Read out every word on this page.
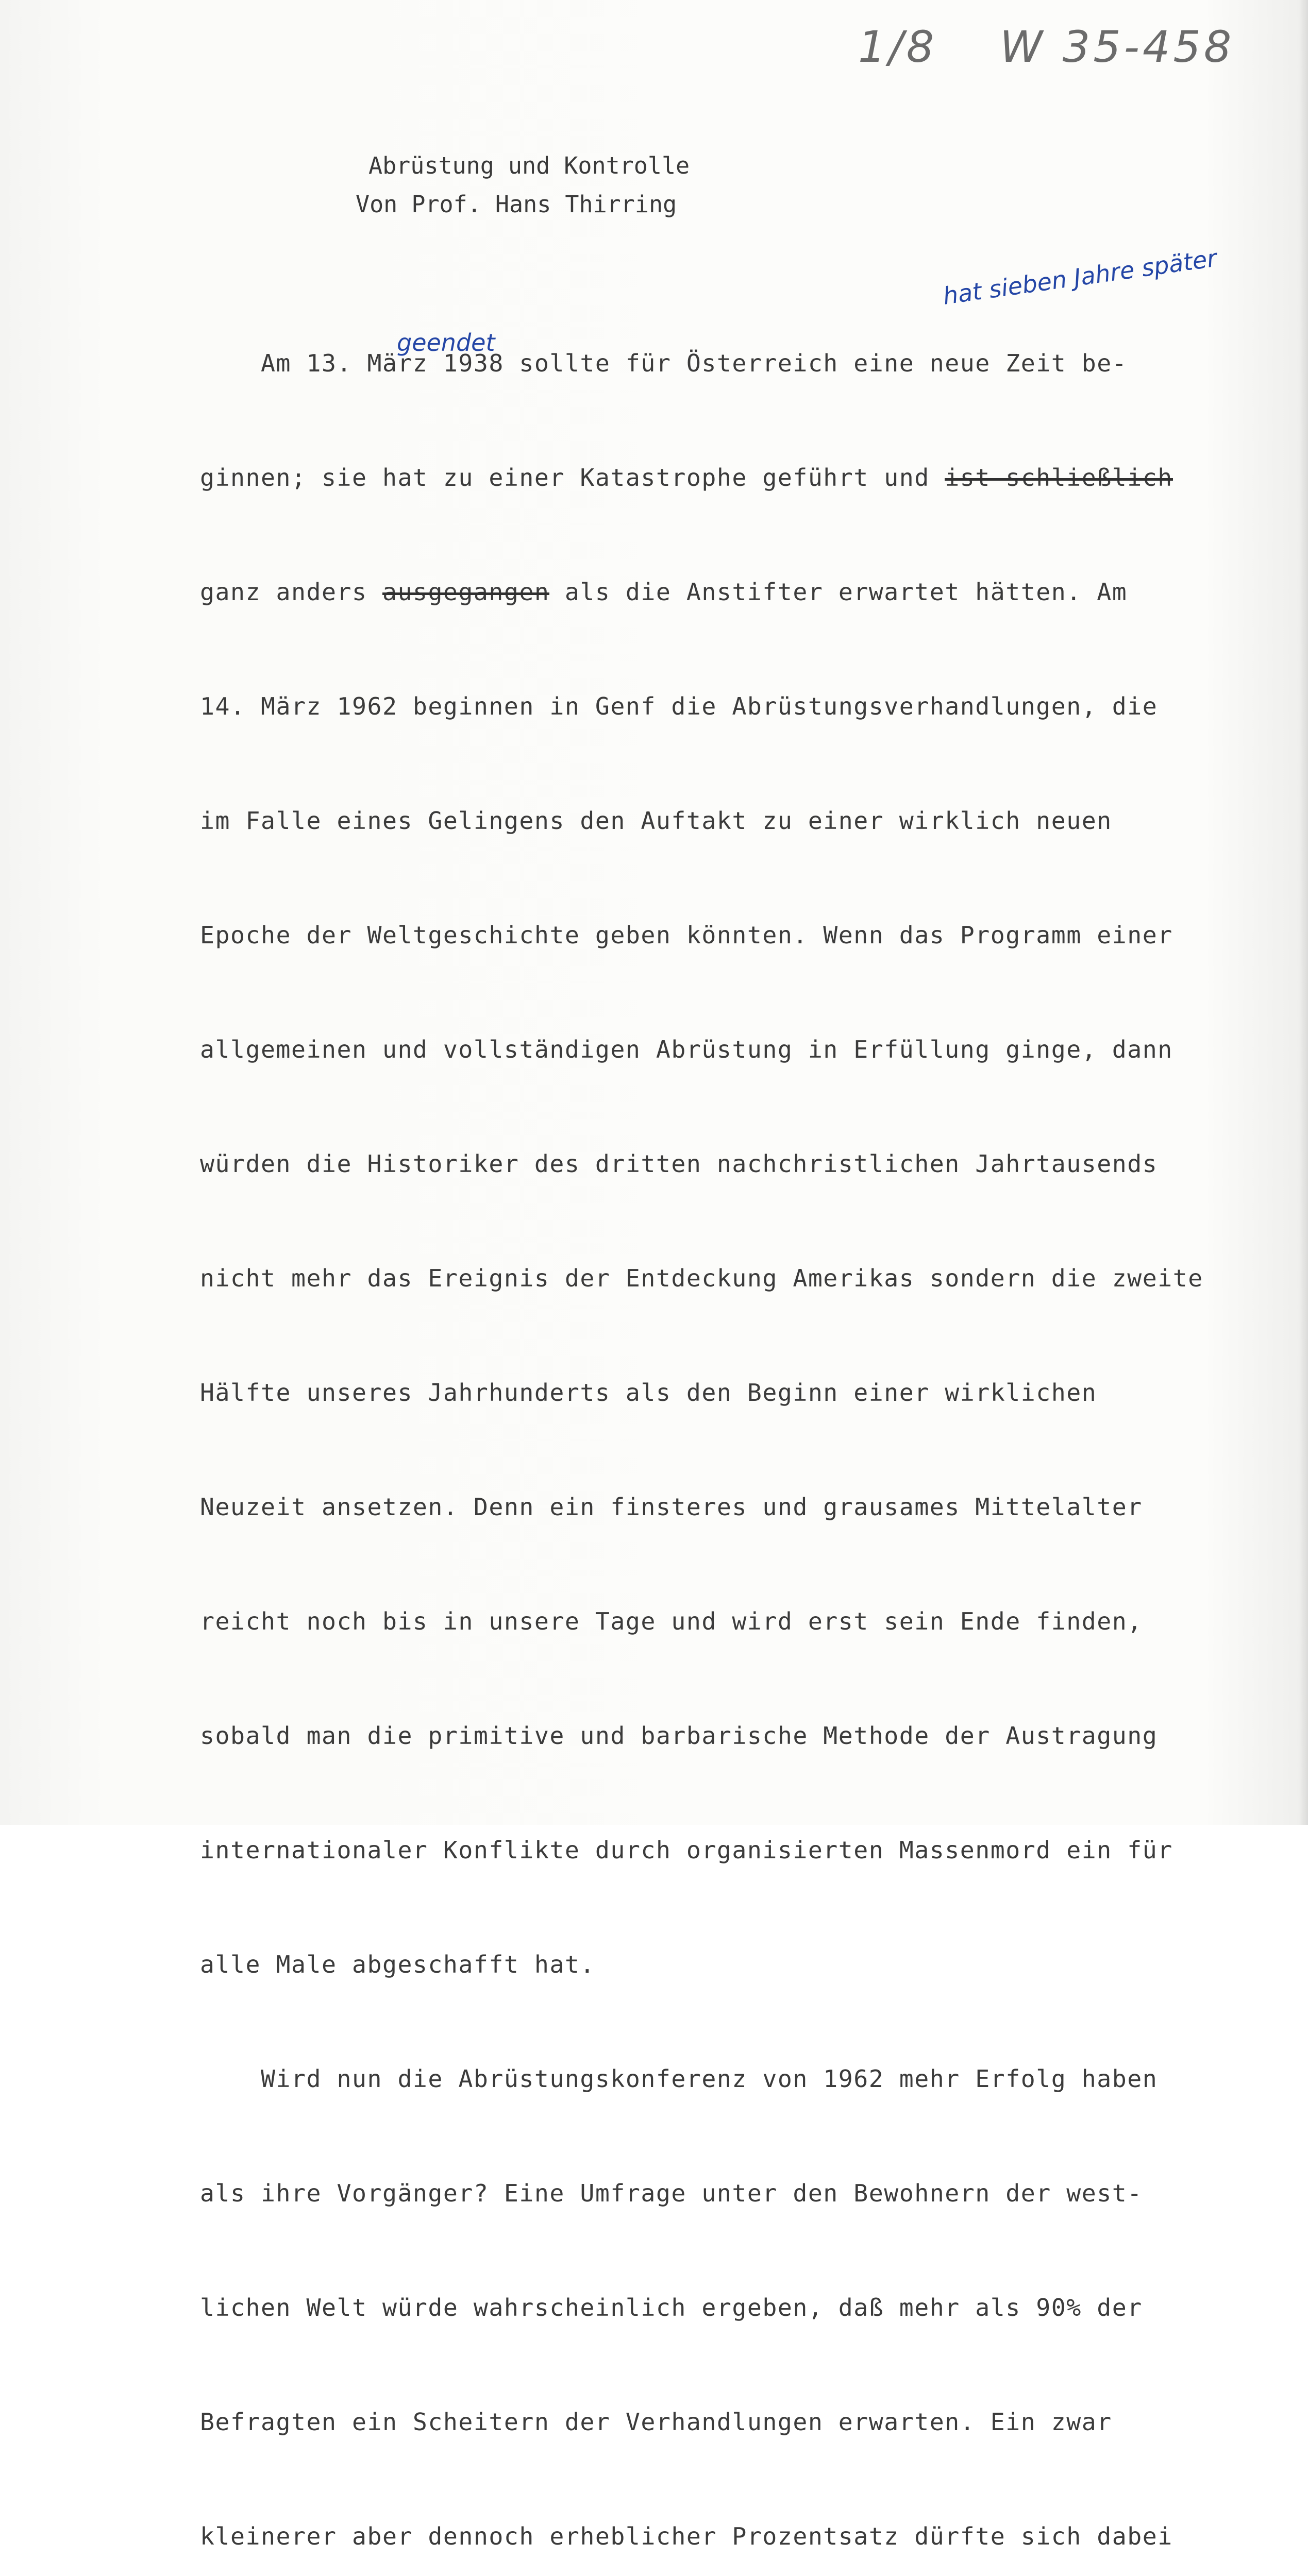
1/8 W 35-458
Abrüstung und Kontrolle
Von Prof. Hans Thirring
hat sieben Jahre später
geendet

Am 13. März 1938 sollte für Österreich eine neue Zeit be-

ginnen; sie hat zu einer Katastrophe geführt und ist schließlich

ganz anders ausgegangen als die Anstifter erwartet hätten. Am

14. März 1962 beginnen in Genf die Abrüstungsverhandlungen, die

im Falle eines Gelingens den Auftakt zu einer wirklich neuen

Epoche der Weltgeschichte geben könnten. Wenn das Programm einer

allgemeinen und vollständigen Abrüstung in Erfüllung ginge, dann

würden die Historiker des dritten nachchristlichen Jahrtausends

nicht mehr das Ereignis der Entdeckung Amerikas sondern die zweite

Hälfte unseres Jahrhunderts als den Beginn einer wirklichen

Neuzeit ansetzen. Denn ein finsteres und grausames Mittelalter

reicht noch bis in unsere Tage und wird erst sein Ende finden,

sobald man die primitive und barbarische Methode der Austragung

internationaler Konflikte durch organisierten Massenmord ein für

alle Male abgeschafft hat.

Wird nun die Abrüstungskonferenz von 1962 mehr Erfolg haben

als ihre Vorgänger? Eine Umfrage unter den Bewohnern der west-

lichen Welt würde wahrscheinlich ergeben, daß mehr als 90% der

Befragten ein Scheitern der Verhandlungen erwarten. Ein zwar

kleinerer aber dennoch erheblicher Prozentsatz dürfte sich dabei
